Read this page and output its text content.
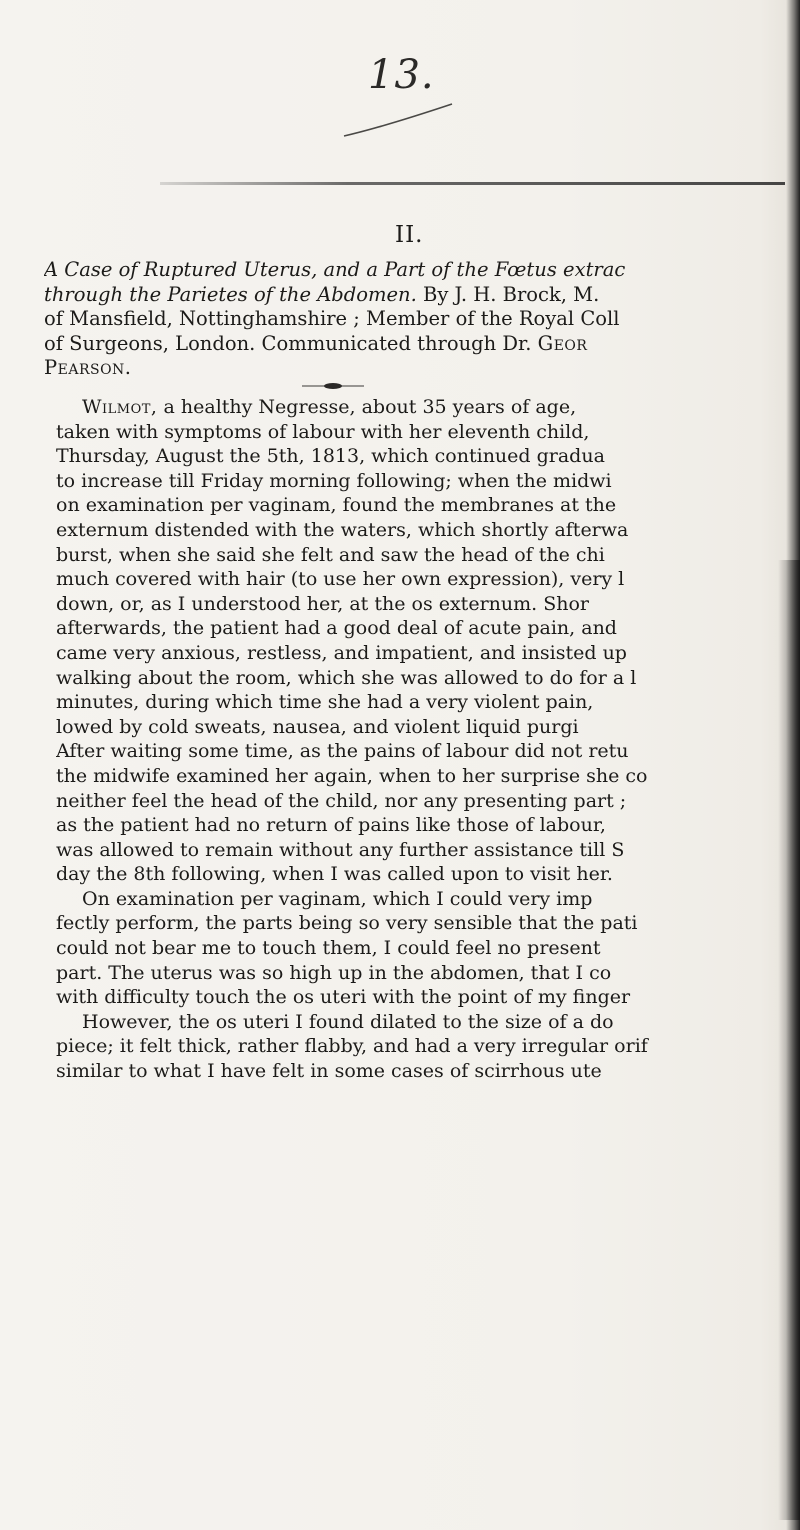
13.
II.
A Case of Ruptured Uterus, and a Part of the Fœtus extrac
through the Parietes of the Abdomen. By J. H. Brock, M.
of Mansfield, Nottinghamshire ; Member of the Royal Coll
of Surgeons, London. Communicated through Dr. Geor
Pearson.
Wilmot, a healthy Negresse, about 35 years of age,
taken with symptoms of labour with her eleventh child,
Thursday, August the 5th, 1813, which continued gradua
to increase till Friday morning following; when the midwi
on examination per vaginam, found the membranes at the
externum distended with the waters, which shortly afterwa
burst, when she said she felt and saw the head of the chi
much covered with hair (to use her own expression), very l
down, or, as I understood her, at the os externum. Shor
afterwards, the patient had a good deal of acute pain, and
came very anxious, restless, and impatient, and insisted up
walking about the room, which she was allowed to do for a l
minutes, during which time she had a very violent pain,
lowed by cold sweats, nausea, and violent liquid purgi
After waiting some time, as the pains of labour did not retu
the midwife examined her again, when to her surprise she co
neither feel the head of the child, nor any presenting part ;
as the patient had no return of pains like those of labour,
was allowed to remain without any further assistance till S
day the 8th following, when I was called upon to visit her.
On examination per vaginam, which I could very imp
fectly perform, the parts being so very sensible that the pati
could not bear me to touch them, I could feel no present
part. The uterus was so high up in the abdomen, that I co
with difficulty touch the os uteri with the point of my finger
However, the os uteri I found dilated to the size of a do
piece; it felt thick, rather flabby, and had a very irregular orif
similar to what I have felt in some cases of scirrhous ute
